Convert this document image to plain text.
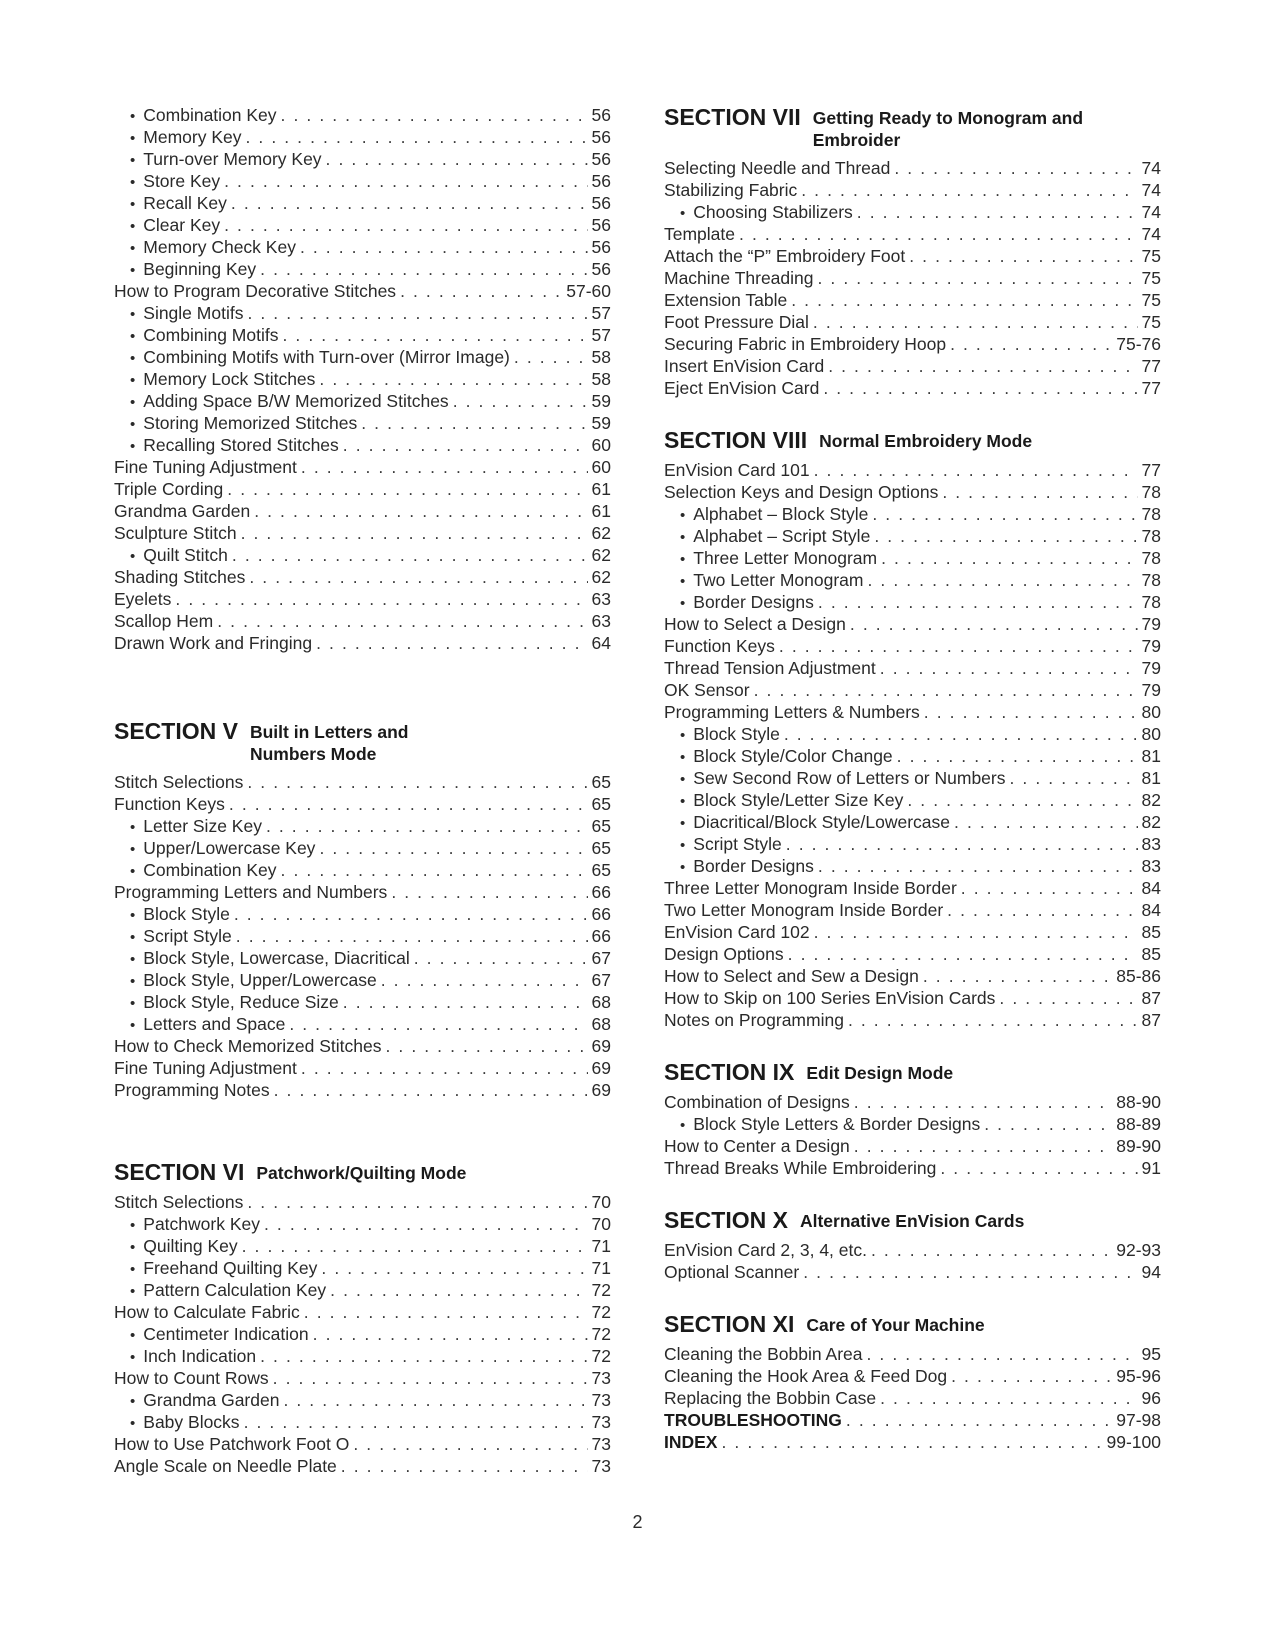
• Combination Key . . .	56
• Memory Key . . .	56
• Turn-over Memory Key . . .	56
• Store Key . . .	56
• Recall Key . . .	56
• Clear Key . . .	56
• Memory Check Key . . .	56
• Beginning Key . . .	56
How to Program Decorative Stitches . . .	57-60
• Single Motifs . . .	57
• Combining Motifs . . .	57
• Combining Motifs with Turn-over (Mirror Image) . . .	58
• Memory Lock Stitches . . .	58
• Adding Space B/W Memorized Stitches . . .	59
• Storing Memorized Stitches . . .	59
• Recalling Stored Stitches . . .	60
Fine Tuning Adjustment . . .	60
Triple Cording . . .	61
Grandma Garden . . .	61
Sculpture Stitch . . .	62
• Quilt Stitch . . .	62
Shading Stitches . . .	62
Eyelets . . .	63
Scallop Hem . . .	63
Drawn Work and Fringing . . .	64
SECTION V Built in Letters and Numbers Mode
Stitch Selections . . .	65
Function Keys . . .	65
• Letter Size Key . . .	65
• Upper/Lowercase Key . . .	65
• Combination Key . . .	65
Programming Letters and Numbers . . .	66
• Block Style . . .	66
• Script Style . . .	66
• Block Style, Lowercase, Diacritical . . .	67
• Block Style, Upper/Lowercase . . .	67
• Block Style, Reduce Size . . .	68
• Letters and Space . . .	68
How to Check Memorized Stitches . . .	69
Fine Tuning Adjustment . . .	69
Programming Notes . . .	69
SECTION VI Patchwork/Quilting Mode
Stitch Selections . . .	70
• Patchwork Key . . .	70
• Quilting Key . . .	71
• Freehand Quilting Key . . .	71
• Pattern Calculation Key . . .	72
How to Calculate Fabric . . .	72
• Centimeter Indication . . .	72
• Inch Indication . . .	72
How to Count Rows . . .	73
• Grandma Garden . . .	73
• Baby Blocks . . .	73
How to Use Patchwork Foot O . . .	73
Angle Scale on Needle Plate . . .	73
SECTION VII Getting Ready to Monogram and Embroider
Selecting Needle and Thread . . .	74
Stabilizing Fabric . . .	74
• Choosing Stabilizers . . .	74
Template . . .	74
Attach the “P” Embroidery Foot . . .	75
Machine Threading . . .	75
Extension Table . . .	75
Foot Pressure Dial . . .	75
Securing Fabric in Embroidery Hoop . . .	75-76
Insert EnVision Card . . .	77
Eject EnVision Card . . .	77
SECTION VIII Normal Embroidery Mode
EnVision Card 101 . . .	77
Selection Keys and Design Options . . .	78
• Alphabet – Block Style . . .	78
• Alphabet – Script Style . . .	78
• Three Letter Monogram . . .	78
• Two Letter Monogram . . .	78
• Border Designs . . .	78
How to Select a Design . . .	79
Function Keys . . .	79
Thread Tension Adjustment . . .	79
OK Sensor . . .	79
Programming Letters & Numbers . . .	80
• Block Style . . .	80
• Block Style/Color Change . . .	81
• Sew Second Row of Letters or Numbers . . .	81
• Block Style/Letter Size Key . . .	82
• Diacritical/Block Style/Lowercase . . .	82
• Script Style . . .	83
• Border Designs . . .	83
Three Letter Monogram Inside Border . . .	84
Two Letter Monogram Inside Border . . .	84
EnVision Card 102 . . .	85
Design Options . . .	85
How to Select and Sew a Design . . .	85-86
How to Skip on 100 Series EnVision Cards . . .	87
Notes on Programming . . .	87
SECTION IX Edit Design Mode
Combination of Designs . . .	88-90
• Block Style Letters & Border Designs . . .	88-89
How to Center a Design . . .	89-90
Thread Breaks While Embroidering . . .	91
SECTION X Alternative EnVision Cards
EnVision Card 2, 3, 4, etc. . . .	92-93
Optional Scanner . . .	94
SECTION XI Care of Your Machine
Cleaning the Bobbin Area . . .	95
Cleaning the Hook Area & Feed Dog . . .	95-96
Replacing the Bobbin Case . . .	96
TROUBLESHOOTING . . .	97-98
INDEX . . .	99-100
2
